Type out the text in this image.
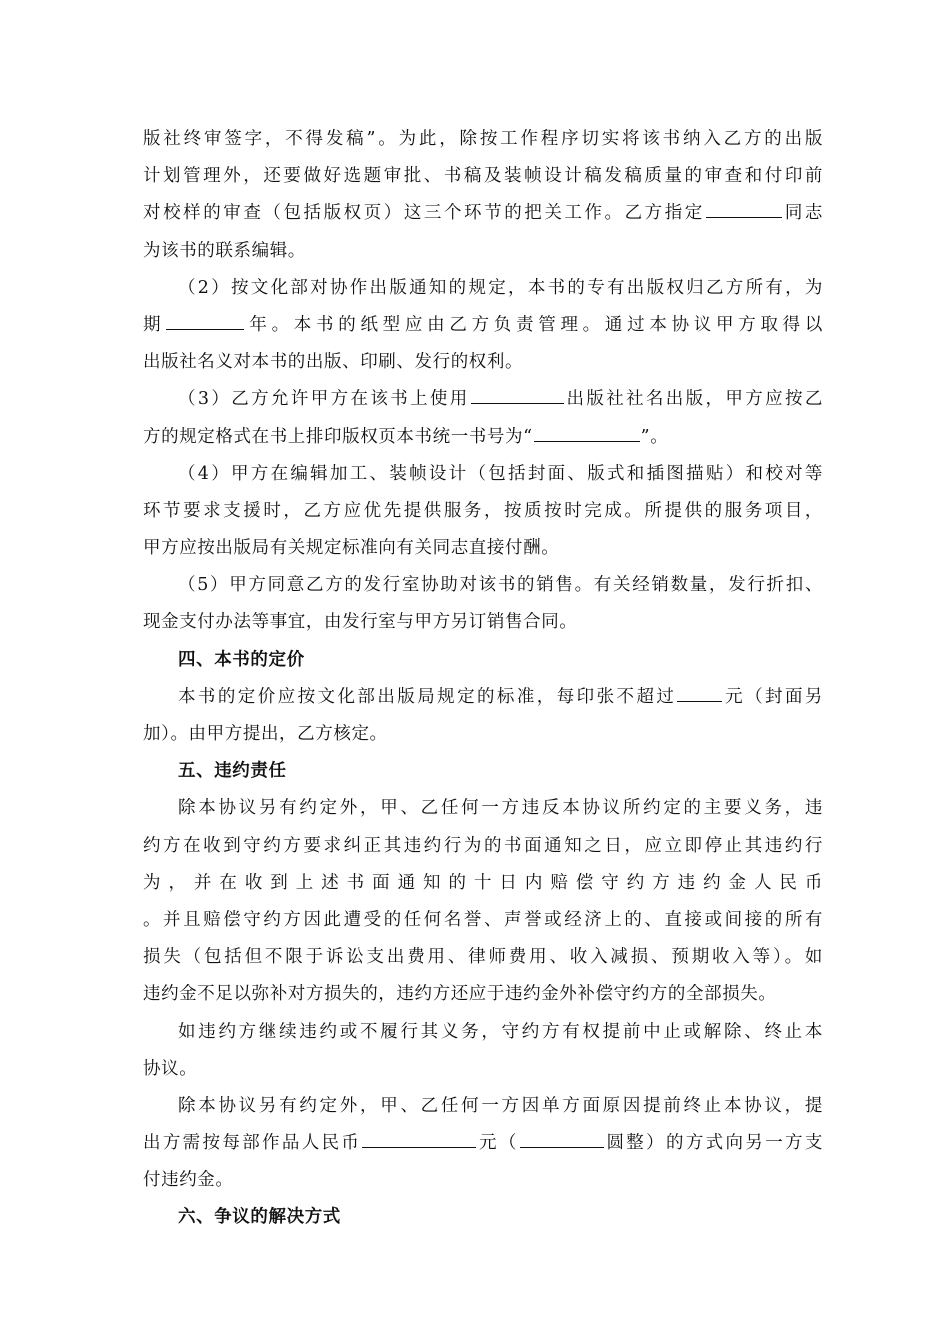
版社终审签字，不得发稿”。为此，除按工作程序切实将该书纳入乙方的出版
计划管理外，还要做好选题审批、书稿及装帧设计稿发稿质量的审查和付印前
对校样的审查（包括版权页）这三个环节的把关工作。乙方指定	同志
为该书的联系编辑。
（2）按文化部对协作出版通知的规定，本书的专有出版权归乙方所有，为
期	年。本书的纸型应由乙方负责管理。通过本协议甲方取得以
出版社名义对本书的出版、印刷、发行的权利。
（3）乙方允许甲方在该书上使用	出版社社名出版，甲方应按乙
方的规定格式在书上排印版权页本书统一书号为“	”。
（4）甲方在编辑加工、装帧设计（包括封面、版式和插图描贴）和校对等
环节要求支援时，乙方应优先提供服务，按质按时完成。所提供的服务项目，
甲方应按出版局有关规定标准向有关同志直接付酬。
（5）甲方同意乙方的发行室协助对该书的销售。有关经销数量，发行折扣、
现金支付办法等事宜，由发行室与甲方另订销售合同。
四、本书的定价
本书的定价应按文化部出版局规定的标准，每印张不超过	元（封面另
加）。由甲方提出，乙方核定。
五、违约责任
除本协议另有约定外，甲、乙任何一方违反本协议所约定的主要义务，违
约方在收到守约方要求纠正其违约行为的书面通知之日，应立即停止其违约行
为，并在收到上述书面通知的十日内赔偿守约方违约金人民币
。并且赔偿守约方因此遭受的任何名誉、声誉或经济上的、直接或间接的所有
损失（包括但不限于诉讼支出费用、律师费用、收入减损、预期收入等）。如
违约金不足以弥补对方损失的，违约方还应于违约金外补偿守约方的全部损失。
如违约方继续违约或不履行其义务，守约方有权提前中止或解除、终止本
协议。
除本协议另有约定外，甲、乙任何一方因单方面原因提前终止本协议，提
出方需按每部作品人民币	元（	圆整）的方式向另一方支
付违约金。
六、争议的解决方式
